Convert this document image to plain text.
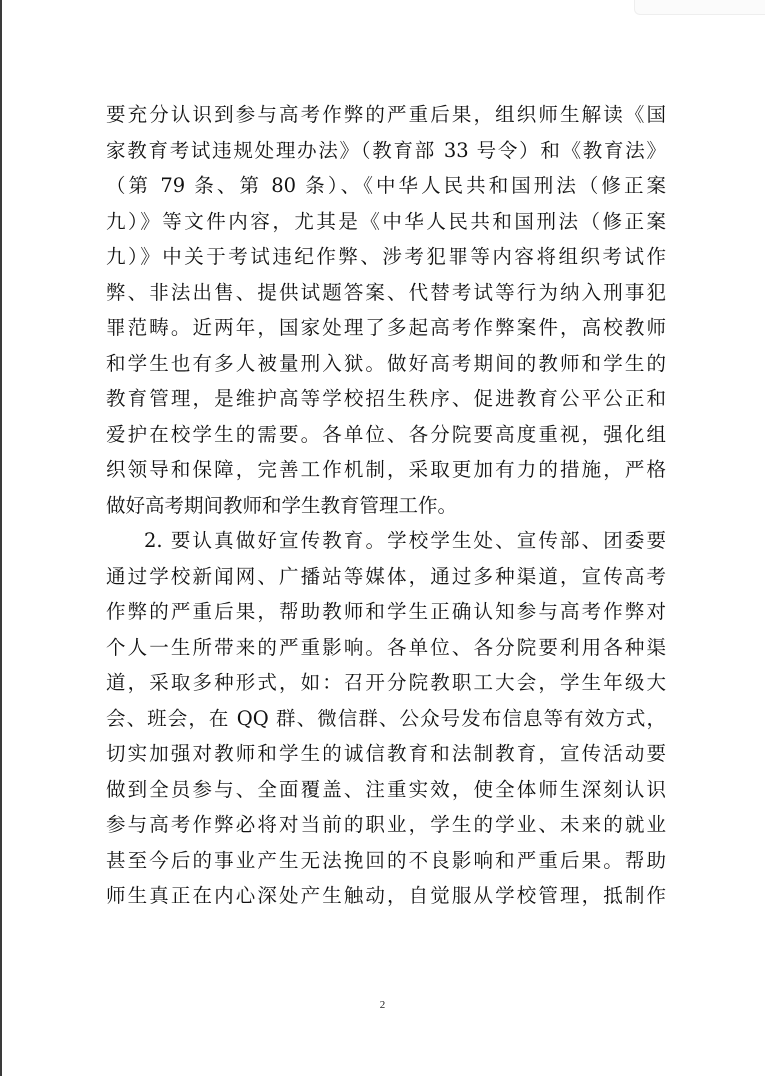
要充分认识到参与高考作弊的严重后果，组织师生解读《国
家教育考试违规处理办法》（教育部 33 号令）和《教育法》
（第 79 条、第 80 条）、《中华人民共和国刑法（修正案
九）》等文件内容，尤其是《中华人民共和国刑法（修正案
九）》中关于考试违纪作弊、涉考犯罪等内容将组织考试作
弊、非法出售、提供试题答案、代替考试等行为纳入刑事犯
罪范畴。近两年，国家处理了多起高考作弊案件，高校教师
和学生也有多人被量刑入狱。做好高考期间的教师和学生的
教育管理，是维护高等学校招生秩序、促进教育公平公正和
爱护在校学生的需要。各单位、各分院要高度重视，强化组
织领导和保障，完善工作机制，采取更加有力的措施，严格
做好高考期间教师和学生教育管理工作。
2. 要认真做好宣传教育。学校学生处、宣传部、团委要
通过学校新闻网、广播站等媒体，通过多种渠道，宣传高考
作弊的严重后果，帮助教师和学生正确认知参与高考作弊对
个人一生所带来的严重影响。各单位、各分院要利用各种渠
道，采取多种形式，如：召开分院教职工大会，学生年级大
会、班会，在 QQ 群、微信群、公众号发布信息等有效方式，
切实加强对教师和学生的诚信教育和法制教育，宣传活动要
做到全员参与、全面覆盖、注重实效，使全体师生深刻认识
参与高考作弊必将对当前的职业，学生的学业、未来的就业
甚至今后的事业产生无法挽回的不良影响和严重后果。帮助
师生真正在内心深处产生触动，自觉服从学校管理，抵制作
2
